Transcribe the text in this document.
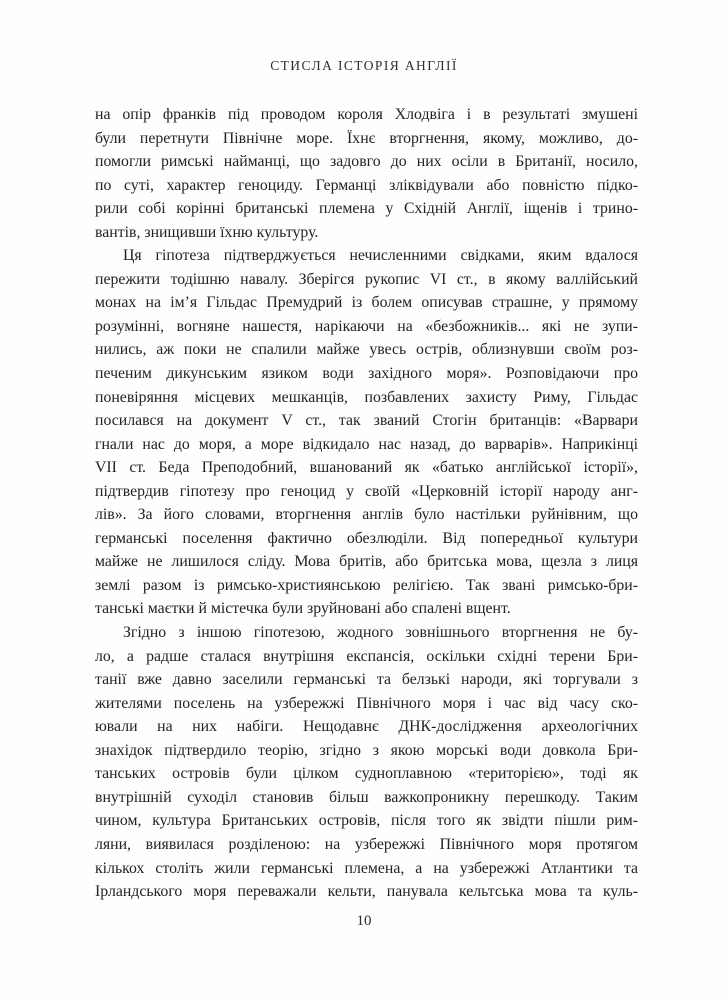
СТИСЛА ІСТОРІЯ АНГЛІЇ
на опір франків під проводом короля Хлодвіга і в результаті змушені
були перетнути Північне море. Їхнє вторгнення, якому, можливо, до-
помогли римські найманці, що задовго до них осіли в Британії, носило,
по суті, характер геноциду. Германці зліквідували або повністю підко-
рили собі корінні британські племена у Східній Англії, іщенів і трино-
вантів, знищивши їхню культуру.
Ця гіпотеза підтверджується нечисленними свідками, яким вдалося
пережити тодішню навалу. Зберігся рукопис VI ст., в якому валлійський
монах на ім’я Гільдас Премудрий із болем описував страшне, у прямому
розумінні, вогняне нашестя, нарікаючи на «безбожників... які не зупи-
нились, аж поки не спалили майже увесь острів, облизнувши своїм роз-
печеним дикунським язиком води західного моря». Розповідаючи про
поневіряння місцевих мешканців, позбавлених захисту Риму, Гільдас
посилався на документ V ст., так званий Стогін британців: «Варвари
гнали нас до моря, а море відкидало нас назад, до варварів». Наприкінці
VII ст. Беда Преподобний, вшанований як «батько англійської історії»,
підтвердив гіпотезу про геноцид у своїй «Церковній історії народу анг-
лів». За його словами, вторгнення англів було настільки руйнівним, що
германські поселення фактично обезлюділи. Від попередньої культури
майже не лишилося сліду. Мова бритів, або бритська мова, щезла з лиця
землі разом із римсько-християнською релігією. Так звані римсько-бри-
танські маєтки й містечка були зруйновані або спалені вщент.
Згідно з іншою гіпотезою, жодного зовнішнього вторгнення не бу-
ло, а радше сталася внутрішня експансія, оскільки східні терени Бри-
танії вже давно заселили германські та белзькі народи, які торгували з
жителями поселень на узбережжі Північного моря і час від часу ско-
ювали на них набіги. Нещодавнє ДНК-дослідження археологічних
знахідок підтвердило теорію, згідно з якою морські води довкола Бри-
танських островів були цілком судноплавною «територією», тоді як
внутрішній суходіл становив більш важкопроникну перешкоду. Таким
чином, культура Британських островів, після того як звідти пішли рим-
ляни, виявилася розділеною: на узбережжі Північного моря протягом
кількох століть жили германські племена, а на узбережжі Атлантики та
Ірландського моря переважали кельти, панувала кельтська мова та куль-
10
